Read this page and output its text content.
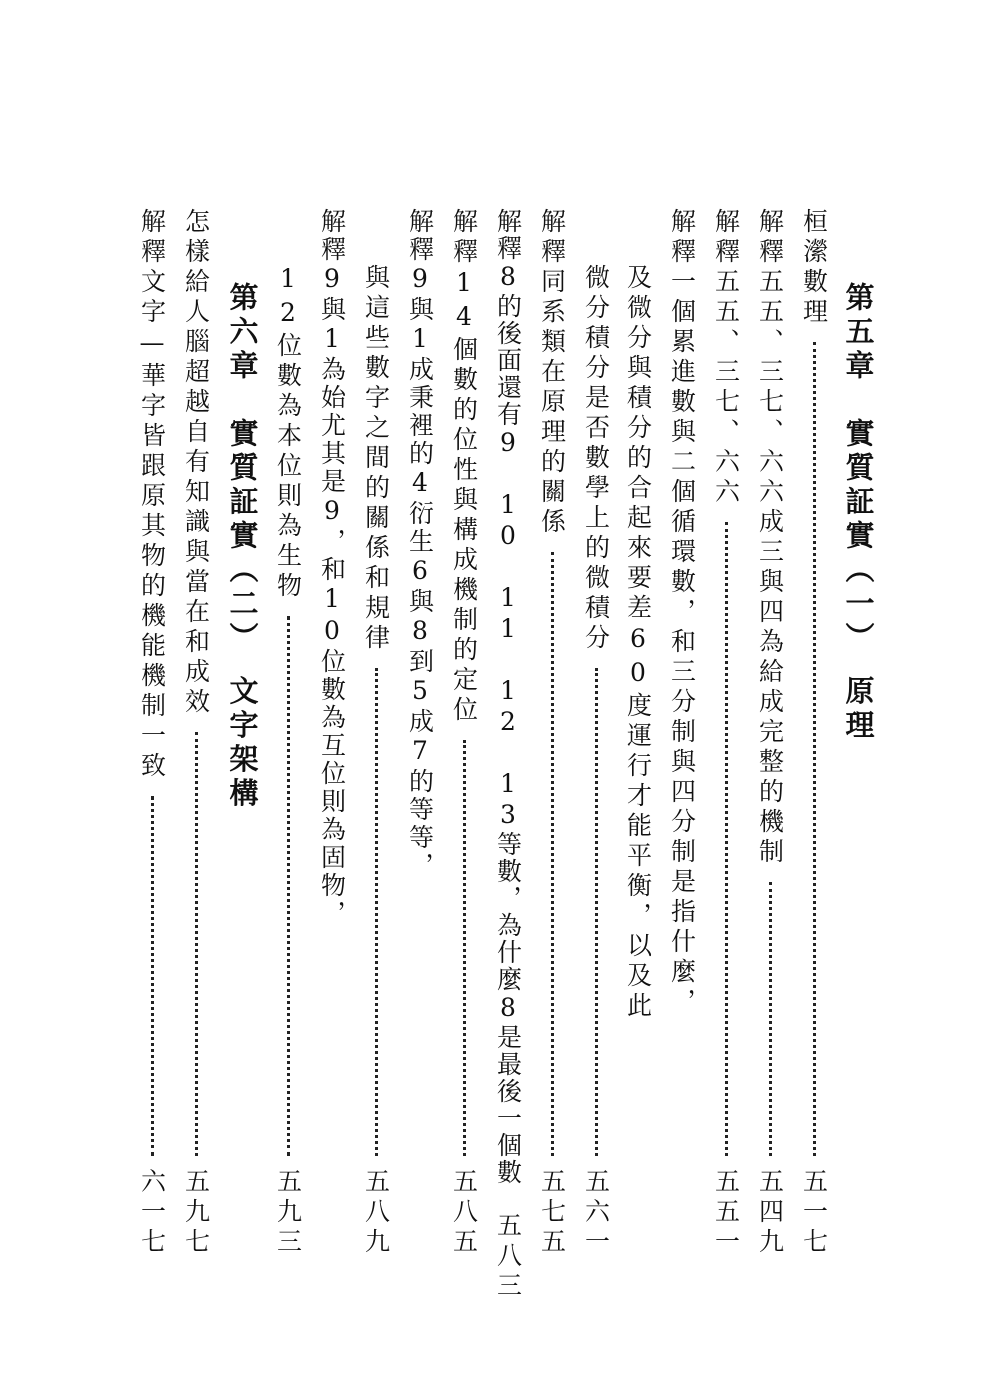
第五章　實質証實（一）　原理
桓瀠數理
五一七
解釋五五、三七、六六成三與四為給成完整的機制
五四九
解釋五五、三七、六六
五五一
解釋一個累進數與二個循環數，和三分制與四分制是指什麼，
及微分與積分的合起來要差60度運行才能平衡，以及此
微分積分是否數學上的微積分
五六一
解釋同系類在原理的關係
五七五
解釋8的後面還有9 10 11 12 13等數，為什麼8是最後一個數
五八三
解釋14個數的位性與構成機制的定位
五八五
解釋9與1成秉裡的4衍生6與8到5成7的等等，
與這些數字之間的關係和規律
五八九
解釋9與1為始尤其是9，和10位數為互位則為固物，
12位數為本位則為生物
五九三
第六章　實質証實（二）　文字架構
怎樣給人腦超越自有知識與當在和成效
五九七
解釋文字—華字皆跟原其物的機能機制一致
六一七
